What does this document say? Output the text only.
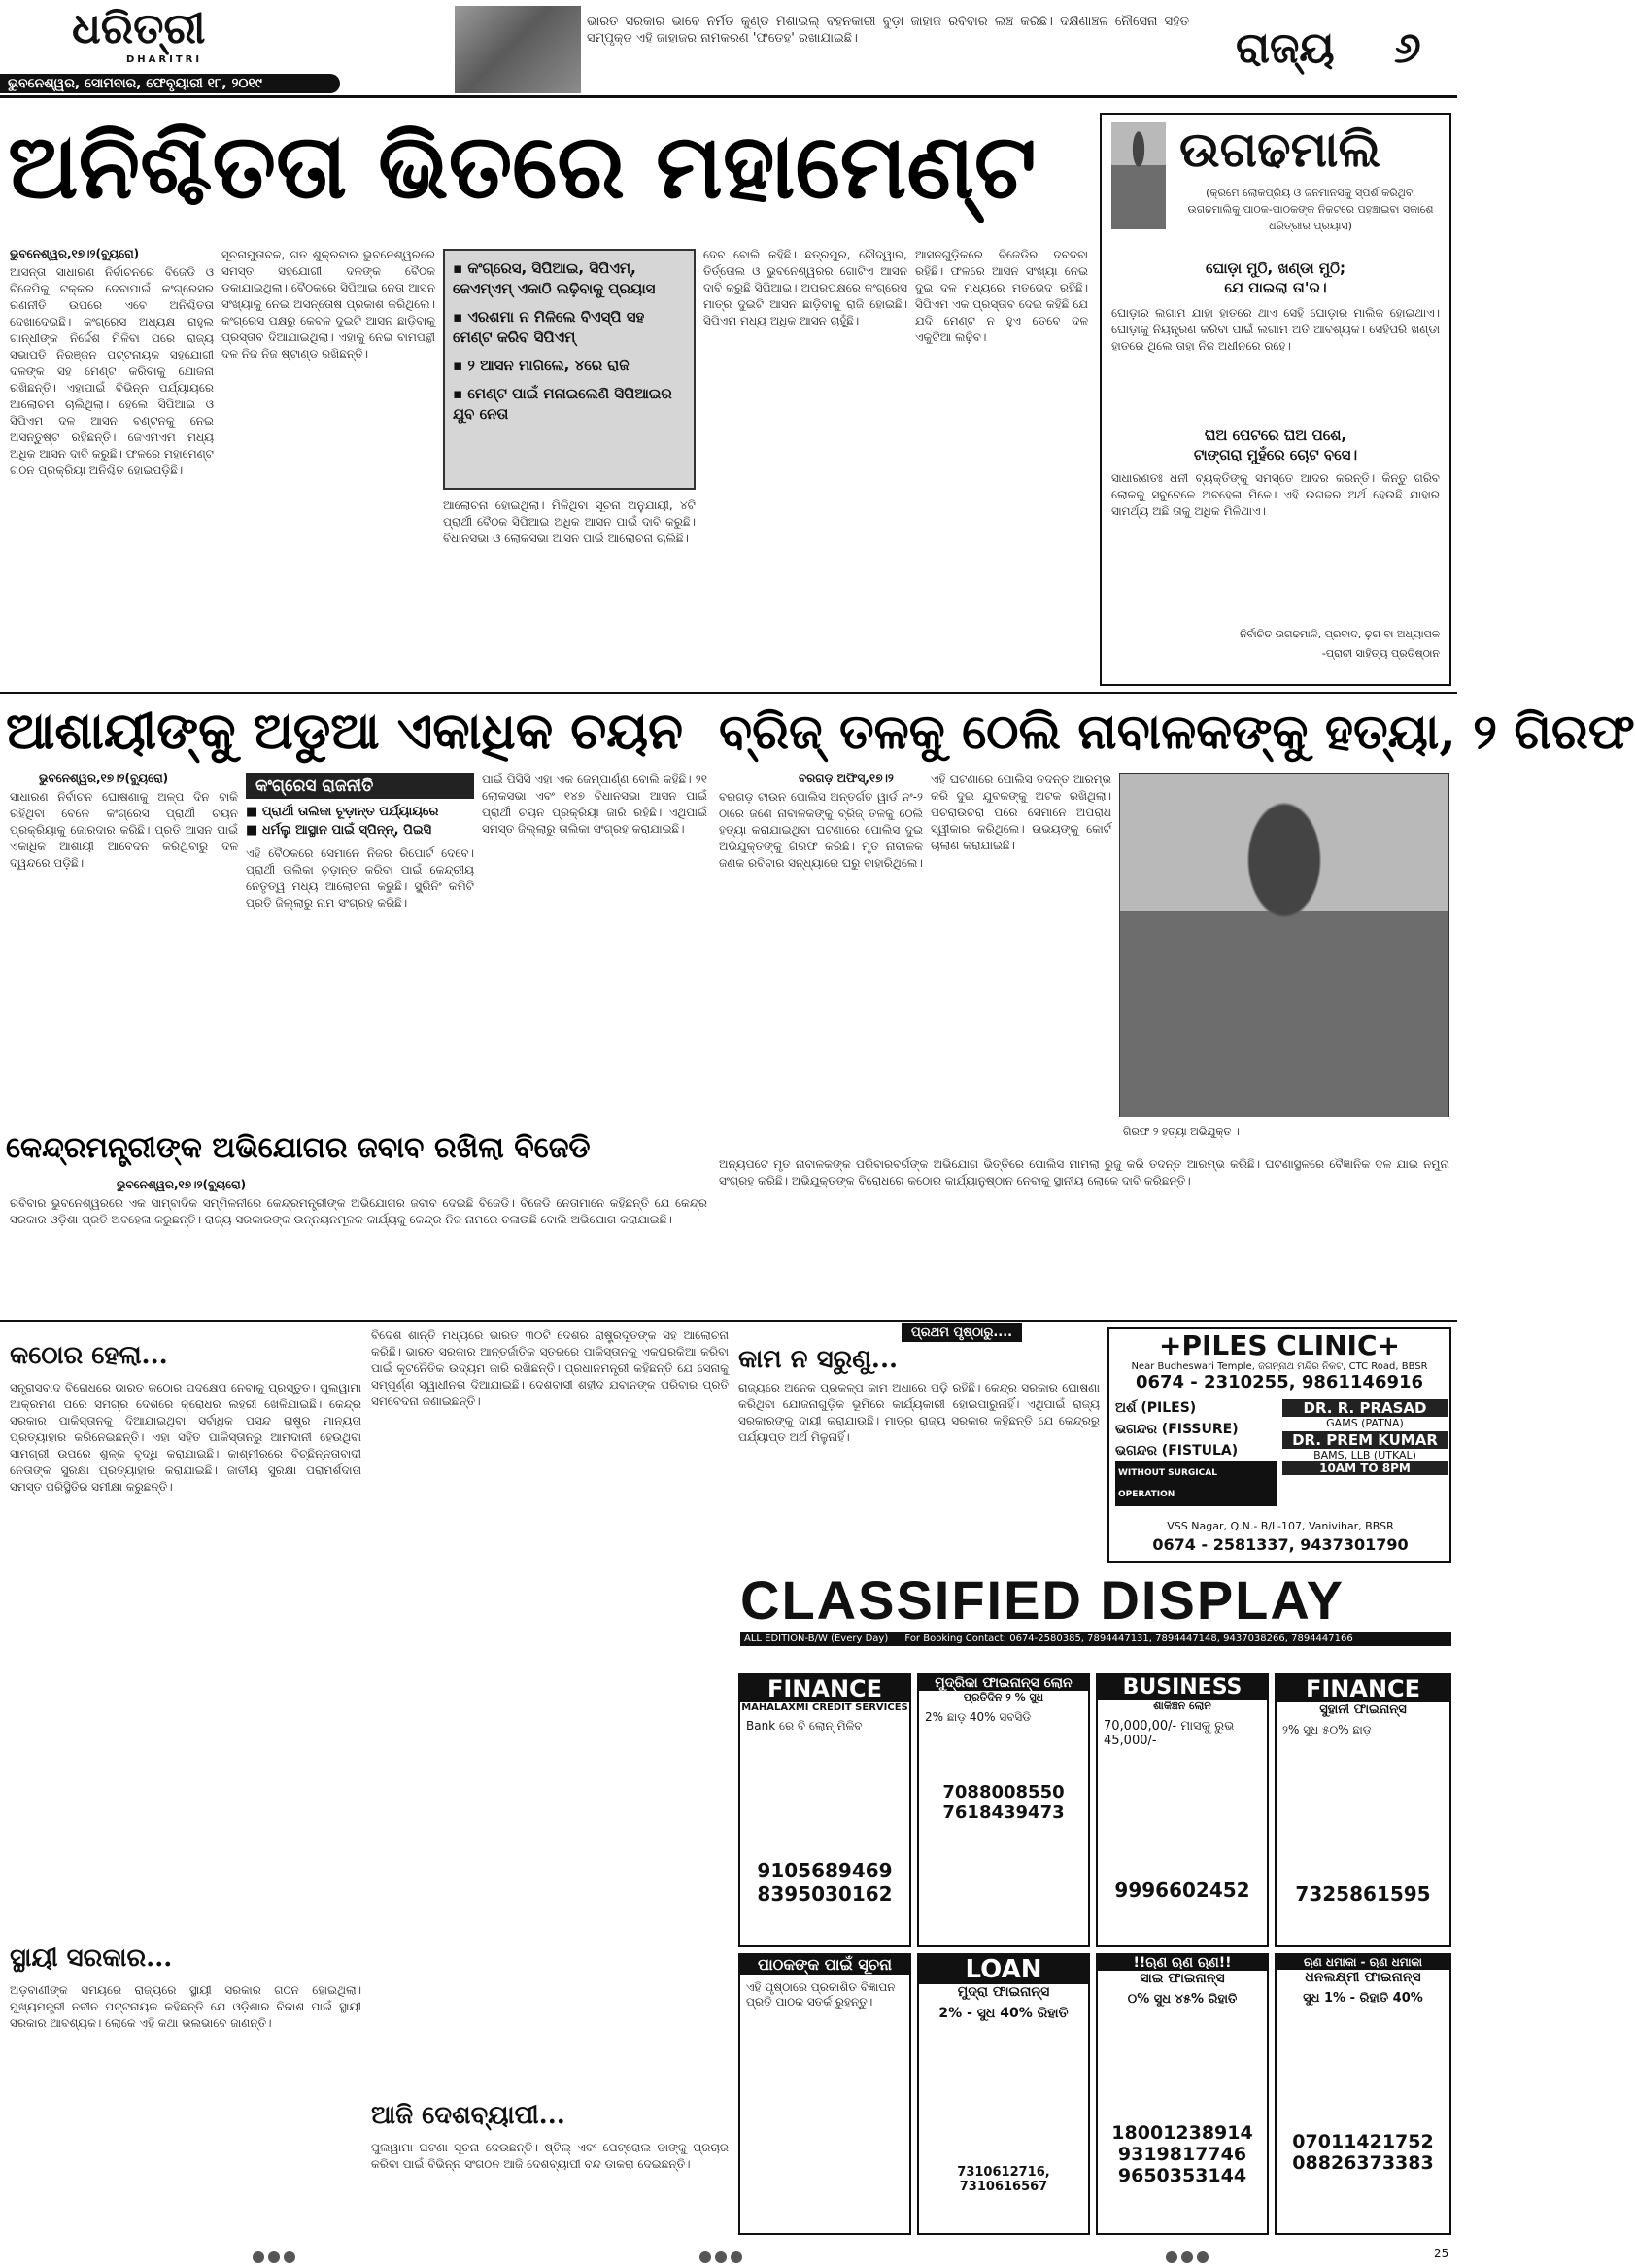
ଧରିତ୍ରୀ
DHARITRI
ଭୁବନେଶ୍ୱର, ସୋମବାର, ଫେବୃୟାରୀ ୧୮, ୨୦୧୯
ଭାରତ ସରକାର ଭାବେ ନିର୍ମିତ କୁଣ୍ଡ ମିଶାଇଲ୍ ବହନକାରୀ ବୁଡ଼ା ଜାହାଜ ରବିବାର ଲଞ୍ଚ କରିଛି। ଦକ୍ଷିଣାଞ୍ଚଳ ନୌସେନା ସହିତ ସମ୍ପୃକ୍ତ ଏହି ଜାହାଜର ନାମକରଣ 'ଫତେହ' ରଖାଯାଇଛି।	ରାଜ୍ୟ ୬
ଅନିଶ୍ଚିତତା ଭିତରେ ମହାମେଣ୍ଟ
ଭୁବନେଶ୍ୱର,୧୭।୨(ବ୍ୟୁରୋ)
ଆସନ୍ତା ସାଧାରଣ ନିର୍ବାଚନରେ ବିଜେଡି ଓ ବିଜେପିକୁ ଟକ୍କର ଦେବାପାଇଁ କଂଗ୍ରେସର ରଣନୀତି ଉପରେ ଏବେ ଅନିଶ୍ଚିତତା ଦେଖାଦେଇଛି। କଂଗ୍ରେସ ଅଧ୍ୟକ୍ଷ ରାହୁଲ ଗାନ୍ଧୀଙ୍କ ନିର୍ଦ୍ଦେଶ ମିଳିବା ପରେ ରାଜ୍ୟ ସଭାପତି ନିରଞ୍ଜନ ପଟ୍ଟନାୟକ ସହଯୋଗୀ ଦଳଙ୍କ ସହ ମେଣ୍ଟ କରିବାକୁ ଯୋଜନା ରଖିଛନ୍ତି। ଏହାପାଇଁ ବିଭିନ୍ନ ପର୍ଯ୍ୟାୟରେ ଆଲୋଚନା ଚାଲିଥିଲା। ହେଲେ ସିପିଆଇ ଓ ସିପିଏମ ଦଳ ଆସନ ବଣ୍ଟନକୁ ନେଇ ଅସନ୍ତୁଷ୍ଟ ରହିଛନ୍ତି। ଜେଏମଏମ ମଧ୍ୟ ଅଧିକ ଆସନ ଦାବି କରୁଛି। ଫଳରେ ମହାମେଣ୍ଟ ଗଠନ ପ୍ରକ୍ରିୟା ଅନିଶ୍ଚିତ ହୋଇପଡ଼ିଛି।
ସୂଚନାମୁତାବକ, ଗତ ଶୁକ୍ରବାର ଭୁବନେଶ୍ୱରରେ ସମସ୍ତ ସହଯୋଗୀ ଦଳଙ୍କ ବୈଠକ ଡକାଯାଇଥିଲା। ବୈଠକରେ ସିପିଆଇ ନେତା ଆସନ ସଂଖ୍ୟାକୁ ନେଇ ଅସନ୍ତୋଷ ପ୍ରକାଶ କରିଥିଲେ। କଂଗ୍ରେସ ପକ୍ଷରୁ କେବଳ ଦୁଇଟି ଆସନ ଛାଡ଼ିବାକୁ ପ୍ରସ୍ତାବ ଦିଆଯାଇଥିଲା। ଏହାକୁ ନେଇ ବାମପନ୍ଥୀ ଦଳ ନିଜ ନିଜ ଷ୍ଟାଣ୍ଡ ରଖିଛନ୍ତି।
▪ କଂଗ୍ରେସ, ସିପିଆଇ, ସିପିଏମ୍, ଜେଏମ୍‌ଏମ୍ ଏକାଠି ଲଢ଼ିବାକୁ ପ୍ରୟାସ
▪ ଏରଶମା ନ ମିଳିଲେ ବିଏସ୍‌ପି ସହ ମେଣ୍ଟ କରିବ ସିପିଏମ୍
▪ ୨ ଆସନ ମାଗିଲେ, ୪ରେ ରାଜି
▪ ମେଣ୍ଟ ପାଇଁ ମନାଇଲେଣି ସିପିଆଇର ଯୁବ ନେତା
ଆଲୋଚନା ହୋଇଥିଲା। ମିଳିଥିବା ସୂଚନା ଅନୁଯାୟୀ, ୪ଟି ପ୍ରାର୍ଥୀ ବୈଠକ ସିପିଆଇ ଅଧିକ ଆସନ ପାଇଁ ଦାବି କରୁଛି। ବିଧାନସଭା ଓ ଲୋକସଭା ଆସନ ପାଇଁ ଆଲୋଚନା ଚାଲିଛି।
ଦେବ ବୋଲି କହିଛି। ଛତ୍ରପୁର, ଚୌଦ୍ୱାର, ତିର୍ତ୍ତୋଲ ଓ ଭୁବନେଶ୍ୱରର ଗୋଟିଏ ଆସନ ଦାବି କରୁଛି ସିପିଆଇ। ଅପରପକ୍ଷରେ କଂଗ୍ରେସ ମାତ୍ର ଦୁଇଟି ଆସନ ଛାଡ଼ିବାକୁ ରାଜି ହୋଇଛି। ସିପିଏମ ମଧ୍ୟ ଅଧିକ ଆସନ ଚାହୁଁଛି।
ଆସନଗୁଡ଼ିକରେ ବିଜେଡିର ଦବଦବା ରହିଛି। ଫଳରେ ଆସନ ସଂଖ୍ୟା ନେଇ ଦୁଇ ଦଳ ମଧ୍ୟରେ ମତଭେଦ ରହିଛି। ସିପିଏମ ଏକ ପ୍ରସ୍ତାବ ଦେଇ କହିଛି ଯେ ଯଦି ମେଣ୍ଟ ନ ହୁଏ ତେବେ ଦଳ ଏକୁଟିଆ ଲଢ଼ିବ।
ଉଗଢମାଲି
(କ୍ରମେ ଲୋକପ୍ରିୟ ଓ ଜନମାନସକୁ ସ୍ପର୍ଶ କରିଥିବା ଉଗଢମାଲିକୁ ପାଠକ-ପାଠକଙ୍କ ନିକଟରେ ପହଞ୍ଚାଇବା ସକାଶେ ଧରିତ୍ରୀର ପ୍ରୟାସ)
ଘୋଡ଼ା ମୁଠି, ଖଣ୍ଡା ମୁଠି;
ଯେ ପାଇଲା ତା'ର।
ଘୋଡ଼ାର ଲଗାମ ଯାହା ହାତରେ ଥାଏ ସେହି ଘୋଡ଼ାର ମାଲିକ ହୋଇଥାଏ। ଘୋଡ଼ାକୁ ନିୟନ୍ତ୍ରଣ କରିବା ପାଇଁ ଲଗାମ ଅତି ଆବଶ୍ୟକ। ସେହିପରି ଖଣ୍ଡା ହାତରେ ଥିଲେ ତାହା ନିଜ ଅଧୀନରେ ରହେ।
ଘିଅ ପେଟରେ ଘିଅ ପଶେ,
ଟାଙ୍ଗରା ମୁହଁରେ ଚୋଟ ବସେ।
ସାଧାରଣତଃ ଧନୀ ବ୍ୟକ୍ତିଙ୍କୁ ସମସ୍ତେ ଆଦର କରନ୍ତି। କିନ୍ତୁ ଗରିବ ଲୋକକୁ ସବୁବେଳେ ଅବହେଳା ମିଳେ। ଏହି ଉଗଢର ଅର୍ଥ ହେଉଛି ଯାହାର ସାମର୍ଥ୍ୟ ଅଛି ତାକୁ ଅଧିକ ମିଳିଥାଏ।
ନିର୍ବାଚିତ ଉଗଢମାଳି, ପ୍ରବାଦ, ଢ଼ଗ ବା ଅଧ୍ୟାପକ
-ପ୍ରାଚୀ ସାହିତ୍ୟ ପ୍ରତିଷ୍ଠାନ
ଆଶାୟୀଙ୍କୁ ଅଡୁଆ ଏକାଧିକ ଚୟନ
ଭୁବନେଶ୍ୱର,୧୭।୨(ବ୍ୟୁରୋ)
ସାଧାରଣ ନିର୍ବାଚନ ଘୋଷଣାକୁ ଅଳ୍ପ ଦିନ ବାକି ରହିଥିବା ବେଳେ କଂଗ୍ରେସ ପ୍ରାର୍ଥୀ ଚୟନ ପ୍ରକ୍ରିୟାକୁ ଜୋରଦାର କରିଛି। ପ୍ରତି ଆସନ ପାଇଁ ଏକାଧିକ ଆଶାୟୀ ଆବେଦନ କରିଥିବାରୁ ଦଳ ଦ୍ୱନ୍ଦରେ ପଡ଼ିଛି।
କଂଗ୍ରେସ ରାଜନୀତି
■ ପ୍ରାର୍ଥୀ ତାଲିକା ଚୂଡ଼ାନ୍ତ ପର୍ଯ୍ୟାୟରେ
■ ଧର୍ମଲୁ ଆସ୍ଥାନ ପାଇଁ ସ୍ପିନ୍ନ୍, ପିଇସି
ଏହି ବୈଠକରେ ସେମାନେ ନିଜର ରିପୋର୍ଟ ଦେବେ। ପ୍ରାର୍ଥୀ ତାଲିକା ଚୂଡ଼ାନ୍ତ କରିବା ପାଇଁ କେନ୍ଦ୍ରୀୟ ନେତୃତ୍ୱ ମଧ୍ୟ ଆଲୋଚନା କରୁଛି। ସ୍କ୍ରିନିଂ କମିଟି ପ୍ରତି ଜିଲ୍ଲାରୁ ନାମ ସଂଗ୍ରହ କରିଛି।
ପାଇଁ ପିସିସି ଏହା ଏକ ଜେମ୍ପାର୍ଣ୍ଣ ବୋଲି କହିଛି। ୨୧ ଲୋକସଭା ଏବଂ ୧୪୭ ବିଧାନସଭା ଆସନ ପାଇଁ ପ୍ରାର୍ଥୀ ଚୟନ ପ୍ରକ୍ରିୟା ଜାରି ରହିଛି। ଏଥିପାଇଁ ସମସ୍ତ ଜିଲ୍ଲାରୁ ତାଲିକା ସଂଗ୍ରହ କରାଯାଇଛି।
ବ୍ରିଜ୍ ତଳକୁ ଠେଲି ନାବାଳକଙ୍କୁ ହତ୍ୟା, ୨ ଗିରଫ
ବରଗଡ଼ ଅଫିସ୍,୧୭।୨
ବରଗଡ଼ ଟାଉନ ପୋଲିସ ଅନ୍ତର୍ଗତ ୱାର୍ଡ ନଂ-୨ ଠାରେ ଜଣେ ନାବାଳକଙ୍କୁ ବ୍ରିଜ୍ ତଳକୁ ଠେଲି ହତ୍ୟା କରାଯାଇଥିବା ଘଟଣାରେ ପୋଲିସ ଦୁଇ ଅଭିଯୁକ୍ତଙ୍କୁ ଗିରଫ କରିଛି। ମୃତ ନାବାଳକ ଜଣକ ରବିବାର ସନ୍ଧ୍ୟାରେ ଘରୁ ବାହାରିଥିଲେ।
ଏହି ଘଟଣାରେ ପୋଲିସ ତଦନ୍ତ ଆରମ୍ଭ କରି ଦୁଇ ଯୁବକଙ୍କୁ ଅଟକ ରଖିଥିଲା। ପଚରାଉଚରା ପରେ ସେମାନେ ଅପରାଧ ସ୍ୱୀକାର କରିଥିଲେ। ଉଭୟଙ୍କୁ କୋର୍ଟ ଚାଲାଣ କରାଯାଇଛି।
ଗିରଫ ୨ ହତ୍ୟା ଅଭିଯୁକ୍ତ ।
ଅନ୍ୟପଟେ ମୃତ ନାବାଳକଙ୍କ ପରିବାରବର୍ଗଙ୍କ ଅଭିଯୋଗ ଭିତ୍ତିରେ ପୋଲିସ ମାମଲା ରୁଜୁ କରି ତଦନ୍ତ ଆରମ୍ଭ କରିଛି। ଘଟଣାସ୍ଥଳରେ ବୈଜ୍ଞାନିକ ଦଳ ଯାଇ ନମୁନା ସଂଗ୍ରହ କରିଛି। ଅଭିଯୁକ୍ତଙ୍କ ବିରୋଧରେ କଠୋର କାର୍ଯ୍ୟାନୁଷ୍ଠାନ ନେବାକୁ ସ୍ଥାନୀୟ ଲୋକେ ଦାବି କରିଛନ୍ତି।
କେନ୍ଦ୍ରମନ୍ତ୍ରୀଙ୍କ ଅଭିଯୋଗର ଜବାବ ରଖିଲା ବିଜେଡି
ଭୁବନେଶ୍ୱର,୧୭।୨(ବ୍ୟୁରୋ)
ରବିବାର ଭୁବନେଶ୍ୱରରେ ଏକ ସାମ୍ବାଦିକ ସମ୍ମିଳନୀରେ କେନ୍ଦ୍ରମନ୍ତ୍ରୀଙ୍କ ଅଭିଯୋଗର ଜବାବ ଦେଇଛି ବିଜେଡି। ବିଜେଡି ନେତାମାନେ କହିଛନ୍ତି ଯେ କେନ୍ଦ୍ର ସରକାର ଓଡ଼ିଶା ପ୍ରତି ଅବହେଳା କରୁଛନ୍ତି। ରାଜ୍ୟ ସରକାରଙ୍କ ଉନ୍ନୟନମୂଳକ କାର୍ଯ୍ୟକୁ କେନ୍ଦ୍ର ନିଜ ନାମରେ ଚଳାଉଛି ବୋଲି ଅଭିଯୋଗ କରାଯାଇଛି।
କଠୋର ହେଲା...
ସନ୍ତ୍ରାସବାଦ ବିରୋଧରେ ଭାରତ କଠୋର ପଦକ୍ଷେପ ନେବାକୁ ପ୍ରସ୍ତୁତ। ପୁଲୱାମା ଆକ୍ରମଣ ପରେ ସମଗ୍ର ଦେଶରେ କ୍ରୋଧର ଲହରୀ ଖେଳିଯାଇଛି। କେନ୍ଦ୍ର ସରକାର ପାକିସ୍ତାନକୁ ଦିଆଯାଇଥିବା ସର୍ବାଧିକ ପସନ୍ଦ ରାଷ୍ଟ୍ର ମାନ୍ୟତା ପ୍ରତ୍ୟାହାର କରିନେଇଛନ୍ତି। ଏହା ସହିତ ପାକିସ୍ତାନରୁ ଆମଦାନୀ ହେଉଥିବା ସାମଗ୍ରୀ ଉପରେ ଶୁଳ୍କ ବୃଦ୍ଧି କରାଯାଇଛି। କାଶ୍ମୀରରେ ବିଚ୍ଛିନ୍ନତାବାଦୀ ନେତାଙ୍କ ସୁରକ୍ଷା ପ୍ରତ୍ୟାହାର କରାଯାଇଛି। ଜାତୀୟ ସୁରକ୍ଷା ପରାମର୍ଶଦାତା ସମସ୍ତ ପରିସ୍ଥିତିର ସମୀକ୍ଷା କରୁଛନ୍ତି।
ବିଦେଶ ଶାନ୍ତି ମଧ୍ୟରେ ଭାରତ ୩୦ଟି ଦେଶର ରାଷ୍ଟ୍ରଦୂତଙ୍କ ସହ ଆଲୋଚନା କରିଛି। ଭାରତ ସରକାର ଆନ୍ତର୍ଜାତିକ ସ୍ତରରେ ପାକିସ୍ତାନକୁ ଏକଘରକିଆ କରିବା ପାଇଁ କୂଟନୈତିକ ଉଦ୍ୟମ ଜାରି ରଖିଛନ୍ତି। ପ୍ରଧାନମନ୍ତ୍ରୀ କହିଛନ୍ତି ଯେ ସେନାକୁ ସମ୍ପୂର୍ଣ୍ଣ ସ୍ୱାଧୀନତା ଦିଆଯାଇଛି। ଦେଶବାସୀ ଶହୀଦ ଯବାନଙ୍କ ପରିବାର ପ୍ରତି ସମବେଦନା ଜଣାଇଛନ୍ତି।
ସ୍ଥାୟୀ ସରକାର...
ଅଡ଼ବାଣୀଙ୍କ ସମୟରେ ରାଜ୍ୟରେ ସ୍ଥାୟୀ ସରକାର ଗଠନ ହୋଇଥିଲା। ମୁଖ୍ୟମନ୍ତ୍ରୀ ନବୀନ ପଟ୍ଟନାୟକ କହିଛନ୍ତି ଯେ ଓଡ଼ିଶାର ବିକାଶ ପାଇଁ ସ୍ଥାୟୀ ସରକାର ଆବଶ୍ୟକ। ଲୋକେ ଏହି କଥା ଭଲଭାବେ ଜାଣନ୍ତି।
ପ୍ରଥମ ପୃଷ୍ଠାରୁ....
କାମ ନ ସରୁଣୁ...
ରାଜ୍ୟରେ ଅନେକ ପ୍ରକଳ୍ପ କାମ ଅଧାରେ ପଡ଼ି ରହିଛି। କେନ୍ଦ୍ର ସରକାର ଘୋଷଣା କରିଥିବା ଯୋଜନାଗୁଡ଼ିକ ଭୂମିରେ କାର୍ଯ୍ୟକାରୀ ହୋଇପାରୁନାହିଁ। ଏଥିପାଇଁ ରାଜ୍ୟ ସରକାରଙ୍କୁ ଦାୟୀ କରାଯାଉଛି। ମାତ୍ର ରାଜ୍ୟ ସରକାର କହିଛନ୍ତି ଯେ କେନ୍ଦ୍ରରୁ ପର୍ଯ୍ୟାପ୍ତ ଅର୍ଥ ମିଳୁନାହିଁ।
+PILES CLINIC+
Near Budheswari Temple, ଜଗନ୍ନାଥ ମନ୍ଦିର ନିକଟ, CTC Road, BBSR
0674 - 2310255, 9861146916
ଅର୍ଶ (PILES)
ଭଗନ୍ଦର (FISSURE)
ଭଗନ୍ଦର (FISTULA)
WITHOUT SURGICAL OPERATION
DR. R. PRASAD
GAMS (PATNA)
DR. PREM KUMAR
BAMS, LLB (UTKAL)
10AM TO 8PM
VSS Nagar, Q.N.- B/L-107, Vanivihar, BBSR
0674 - 2581337, 9437301790
CLASSIFIED DISPLAY
ALL EDITION-B/W (Every Day) For Booking Contact: 0674-2580385, 7894447131, 7894447148, 9437038266, 7894447166
FINANCE
MAHALAXMI CREDIT SERVICES
Bank ରେ ବି ଲୋନ୍ ମିଳିବ
9105689469
8395030162
ମୁଦ୍ରିକା ଫାଇନାନ୍ସ ଲୋନ
ପ୍ରତିଦିନ ୨ % ସୁଧ
2% ଛାଡ଼ 40% ସବସିଡି
7088008550
7618439473
BUSINESS
ଶାକିଞ୍ଚନ ଲୋନ
70,000,00/- ମାସକୁ ରୁଭ 45,000/-
9996602452
FINANCE
ସୁହାନୀ ଫାଇନାନ୍ସ
୨% ସୁଧ ୫୦% ଛାଡ଼
7325861595
ପାଠକଙ୍କ ପାଇଁ ସୂଚନା
ଏହି ପୃଷ୍ଠାରେ ପ୍ରକାଶିତ ବିଜ୍ଞାପନ ପ୍ରତି ପାଠକ ସତର୍କ ରୁହନ୍ତୁ।
LOAN
ମୁଦ୍ରା ଫାଇନାନ୍ସ
2% - ସୁଧ 40% ରିହାତି
7310612716, 7310616567
!!ଋଣ ଋଣ ଋଣ!!
ସାଇ ଫାଇନାନ୍ସ
୦% ସୁଧ ୪୫% ରିହାତି
18001238914
9319817746
9650353144
ଋଣ ଧମାକା - ଋଣ ଧମାକା
ଧନଲକ୍ଷ୍ମୀ ଫାଇନାନ୍ସ
ସୁଧ 1% - ରିହାତି 40%
07011421752
08826373383
ଆଜି ଦେଶବ୍ୟାପୀ...
ପୁଲୱାମା ଘଟଣା ସୂଚନା ଦେଉଛନ୍ତି। ଷ୍ଟିଲ୍ ଏବଂ ପେଟ୍ରୋଲ ଡାଙ୍କୁ ପ୍ରଚାର କରିବା ପାଇଁ ବିଭିନ୍ନ ସଂଗଠନ ଆଜି ଦେଶବ୍ୟାପୀ ବନ୍ଦ ଡାକରା ଦେଇଛନ୍ତି।
25
